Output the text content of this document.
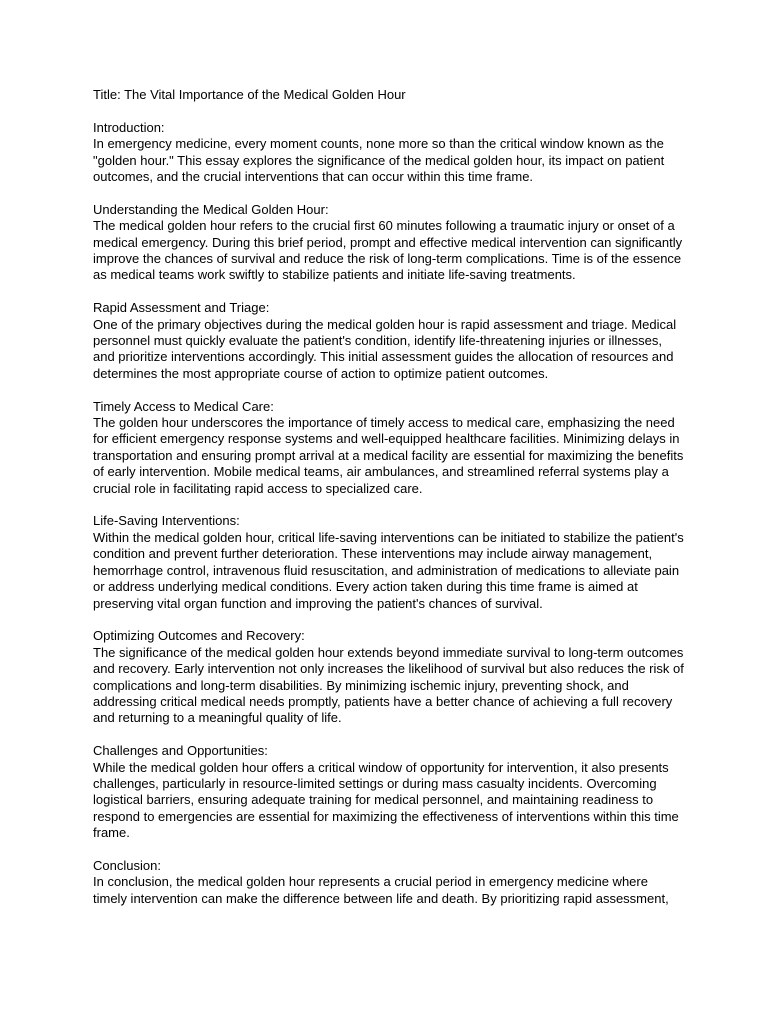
Title: The Vital Importance of the Medical Golden Hour

Introduction:
In emergency medicine, every moment counts, none more so than the critical window known as the "golden hour." This essay explores the significance of the medical golden hour, its impact on patient outcomes, and the crucial interventions that can occur within this time frame.
Understanding the Medical Golden Hour:
The medical golden hour refers to the crucial first 60 minutes following a traumatic injury or onset of a medical emergency. During this brief period, prompt and effective medical intervention can significantly improve the chances of survival and reduce the risk of long-term complications. Time is of the essence as medical teams work swiftly to stabilize patients and initiate life-saving treatments.
Rapid Assessment and Triage:
One of the primary objectives during the medical golden hour is rapid assessment and triage. Medical personnel must quickly evaluate the patient's condition, identify life-threatening injuries or illnesses, and prioritize interventions accordingly. This initial assessment guides the allocation of resources and determines the most appropriate course of action to optimize patient outcomes.
Timely Access to Medical Care:
The golden hour underscores the importance of timely access to medical care, emphasizing the need for efficient emergency response systems and well-equipped healthcare facilities. Minimizing delays in transportation and ensuring prompt arrival at a medical facility are essential for maximizing the benefits of early intervention. Mobile medical teams, air ambulances, and streamlined referral systems play a crucial role in facilitating rapid access to specialized care.
Life-Saving Interventions:
Within the medical golden hour, critical life-saving interventions can be initiated to stabilize the patient's condition and prevent further deterioration. These interventions may include airway management, hemorrhage control, intravenous fluid resuscitation, and administration of medications to alleviate pain or address underlying medical conditions. Every action taken during this time frame is aimed at preserving vital organ function and improving the patient's chances of survival.
Optimizing Outcomes and Recovery:
The significance of the medical golden hour extends beyond immediate survival to long-term outcomes and recovery. Early intervention not only increases the likelihood of survival but also reduces the risk of complications and long-term disabilities. By minimizing ischemic injury, preventing shock, and addressing critical medical needs promptly, patients have a better chance of achieving a full recovery and returning to a meaningful quality of life.
Challenges and Opportunities:
While the medical golden hour offers a critical window of opportunity for intervention, it also presents challenges, particularly in resource-limited settings or during mass casualty incidents. Overcoming logistical barriers, ensuring adequate training for medical personnel, and maintaining readiness to respond to emergencies are essential for maximizing the effectiveness of interventions within this time frame.
Conclusion:
In conclusion, the medical golden hour represents a crucial period in emergency medicine where timely intervention can make the difference between life and death. By prioritizing rapid assessment,
